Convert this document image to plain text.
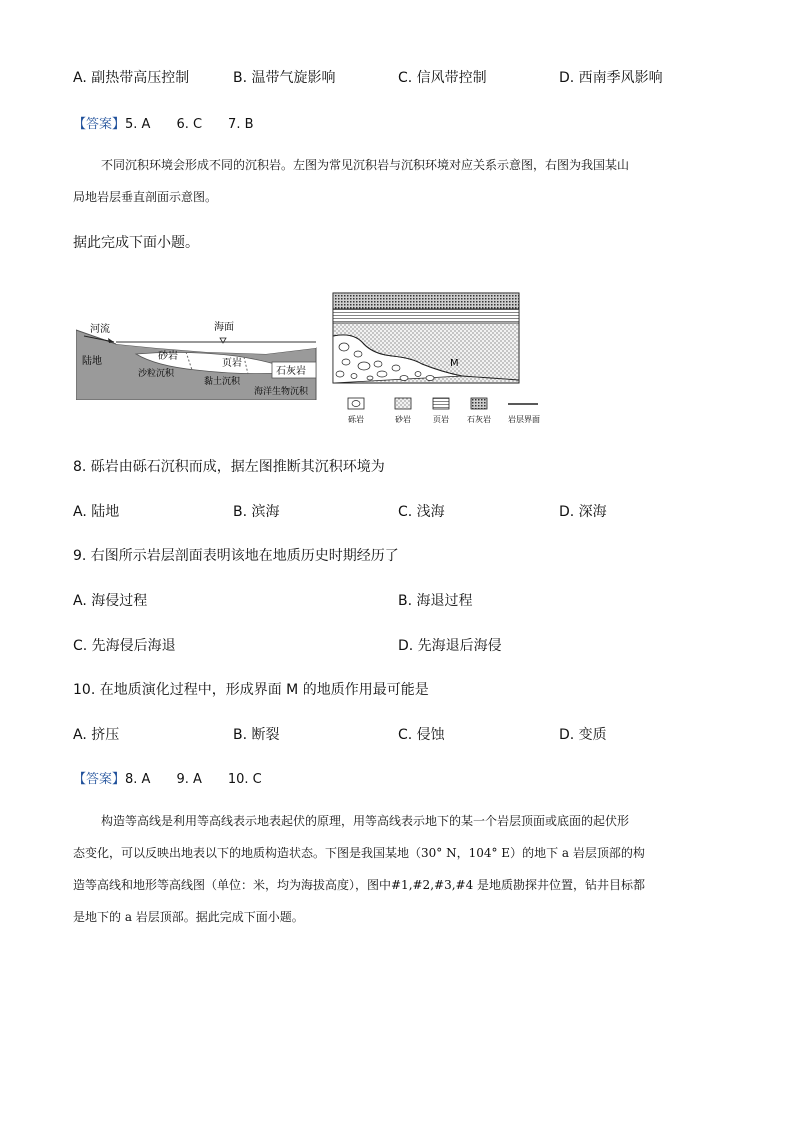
A. 副热带高压控制	B. 温带气旋影响	C. 信风带控制	D. 西南季风影响
【答案】5. A　　6. C　　7. B
不同沉积环境会形成不同的沉积岩。左图为常见沉积岩与沉积环境对应关系示意图，右图为我国某山
局地岩层垂直剖面示意图。
据此完成下面小题。
河流	海面
陆地	砂岩
沙粒沉积
页岩
黏土沉积
石灰岩
海洋生物沉积
M
砾岩	砂岩	页岩 石灰岩 岩层界面
8. 砾岩由砾石沉积而成，据左图推断其沉积环境为
A. 陆地	B. 滨海	C. 浅海	D. 深海
9. 右图所示岩层剖面表明该地在地质历史时期经历了
A. 海侵过程	B. 海退过程
C. 先海侵后海退	D. 先海退后海侵
10. 在地质演化过程中，形成界面 M 的地质作用最可能是
A. 挤压	B. 断裂	C. 侵蚀	D. 变质
【答案】8. A　　9. A　　10. C
构造等高线是利用等高线表示地表起伏的原理，用等高线表示地下的某一个岩层顶面或底面的起伏形
态变化，可以反映出地表以下的地质构造状态。下图是我国某地（30° N，104° E）的地下 a 岩层顶部的构
造等高线和地形等高线图（单位：米，均为海拔高度），图中#1,#2,#3,#4 是地质勘探井位置，钻井目标都
是地下的 a 岩层顶部。据此完成下面小题。
